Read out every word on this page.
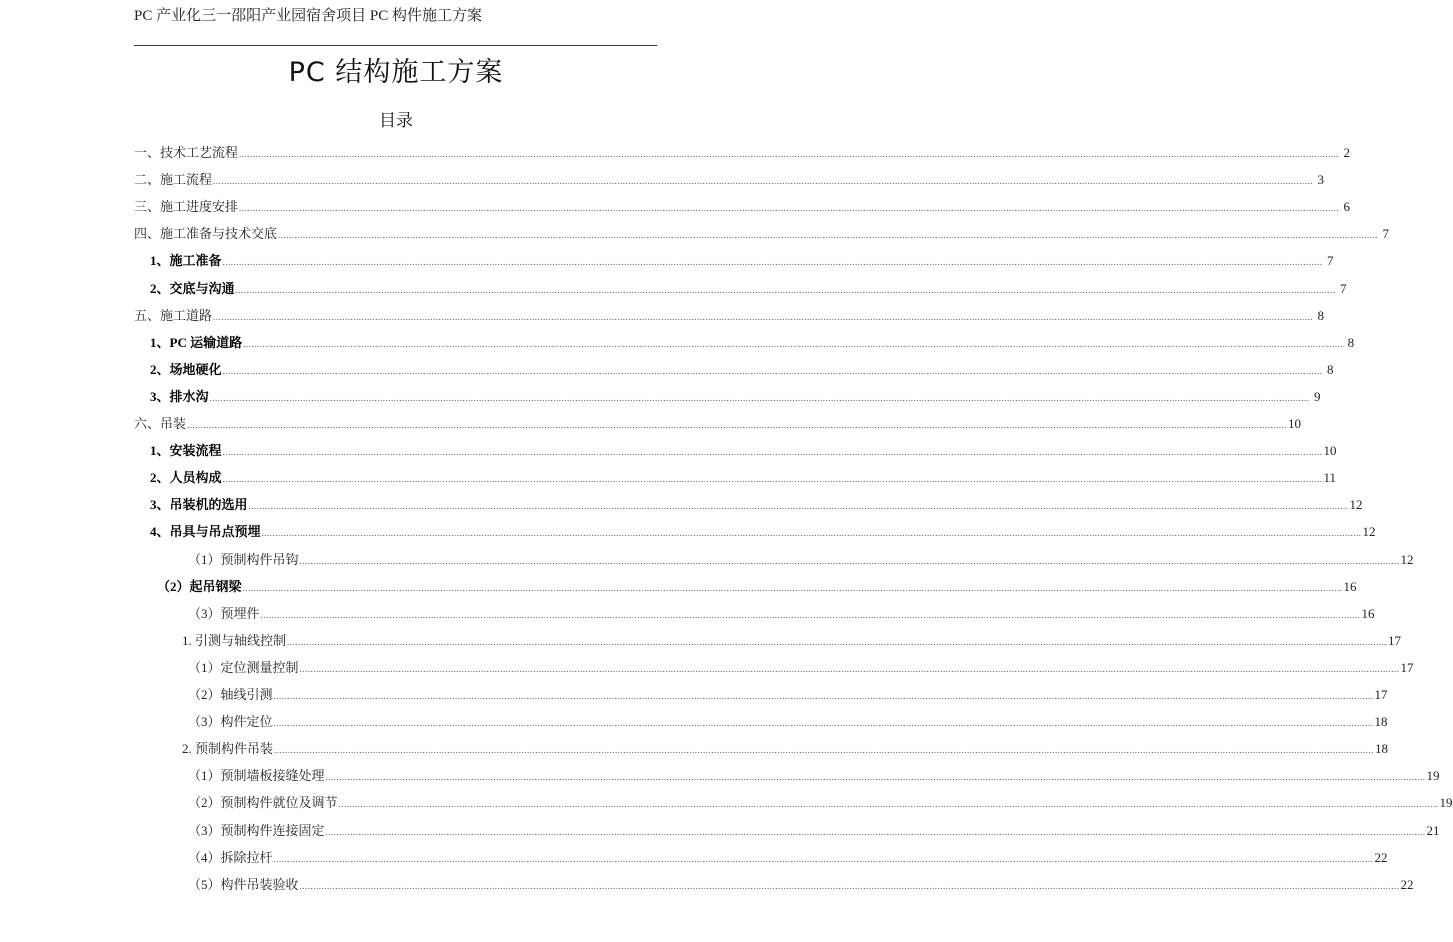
PC 产业化三一邵阳产业园宿舍项目 PC 构件施工方案
PC 结构施工方案
目录
一、技术工艺流程 ................................................................................................................................................................................................................................................................................................................................................................................................................ 2
二、施工流程 ................................................................................................................................................................................................................................................................................................................................................................................................................ 3
三、施工进度安排 ................................................................................................................................................................................................................................................................................................................................................................................................................ 6
四、施工准备与技术交底 ................................................................................................................................................................................................................................................................................................................................................................................................................ 7
1、施工准备 ................................................................................................................................................................................................................................................................................................................................................................................................................ 7
2、交底与沟通 ................................................................................................................................................................................................................................................................................................................................................................................................................ 7
五、施工道路 ................................................................................................................................................................................................................................................................................................................................................................................................................ 8
1、PC 运输道路 ................................................................................................................................................................................................................................................................................................................................................................................................................ 8
2、场地硬化 ................................................................................................................................................................................................................................................................................................................................................................................................................ 8
3、排水沟 ................................................................................................................................................................................................................................................................................................................................................................................................................ 9
六、吊装 ................................................................................................................................................................................................................................................................................................................................................................................................................ 10
1、安装流程 ................................................................................................................................................................................................................................................................................................................................................................................................................ 10
2、人员构成 ................................................................................................................................................................................................................................................................................................................................................................................................................ 11
3、吊装机的选用 ................................................................................................................................................................................................................................................................................................................................................................................................................ 12
4、吊具与吊点预埋 ................................................................................................................................................................................................................................................................................................................................................................................................................ 12
（1）预制构件吊钩 ................................................................................................................................................................................................................................................................................................................................................................................................................ 12
（2）起吊钢梁 ................................................................................................................................................................................................................................................................................................................................................................................................................ 16
（3）预埋件 ................................................................................................................................................................................................................................................................................................................................................................................................................ 16
1. 引测与轴线控制 ................................................................................................................................................................................................................................................................................................................................................................................................................ 17
（1）定位测量控制 ................................................................................................................................................................................................................................................................................................................................................................................................................ 17
（2）轴线引测 ................................................................................................................................................................................................................................................................................................................................................................................................................ 17
（3）构件定位 ................................................................................................................................................................................................................................................................................................................................................................................................................ 18
2. 预制构件吊装 ................................................................................................................................................................................................................................................................................................................................................................................................................ 18
（1）预制墙板接缝处理 ................................................................................................................................................................................................................................................................................................................................................................................................................ 19
（2）预制构件就位及调节 ................................................................................................................................................................................................................................................................................................................................................................................................................ 19
（3）预制构件连接固定 ................................................................................................................................................................................................................................................................................................................................................................................................................ 21
（4）拆除拉杆 ................................................................................................................................................................................................................................................................................................................................................................................................................ 22
（5）构件吊装验收 ................................................................................................................................................................................................................................................................................................................................................................................................................ 22
